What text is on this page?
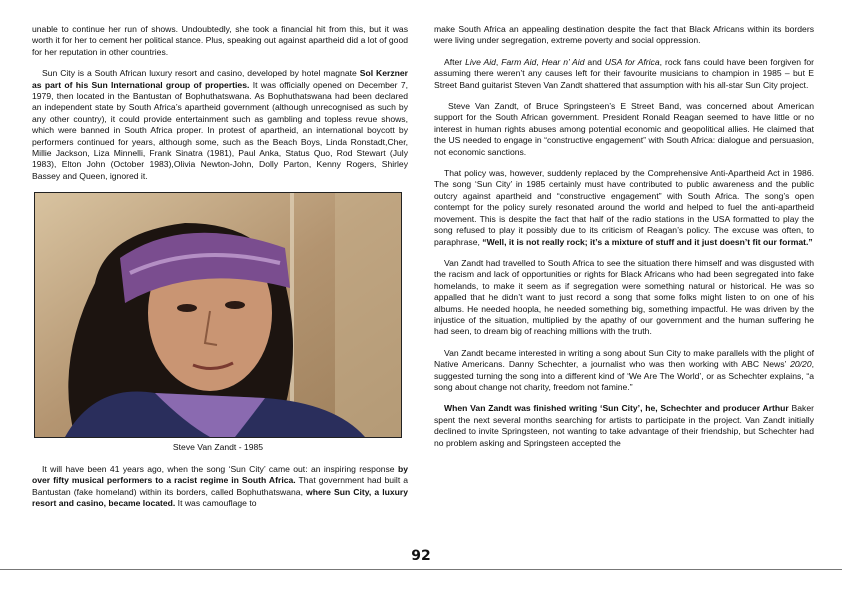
unable to continue her run of shows. Undoubtedly, she took a financial hit from this, but it was worth it for her to cement her political stance. Plus, speaking out against apartheid did a lot of good for her reputation in other countries.

Sun City is a South African luxury resort and casino, developed by hotel magnate Sol Kerzner as part of his Sun International group of properties. It was officially opened on December 7, 1979, then located in the Bantustan of Bophuthatswana. As Bophuthatswana had been declared an independent state by South Africa’s apartheid government (although unrecognised as such by any other country), it could provide entertainment such as gambling and topless revue shows, which were banned in South Africa proper. In protest of apartheid, an international boycott by performers continued for years, although some, such as the Beach Boys, Linda Ronstadt,Cher, Millie Jackson, Liza Minnelli, Frank Sinatra (1981), Paul Anka, Status Quo, Rod Stewart (July 1983), Elton John (October 1983),Olivia Newton-John, Dolly Parton, Kenny Rogers, Shirley Bassey and Queen, ignored it.

Steve Van Zandt - 1985

It will have been 41 years ago, when the song ‘Sun City’ came out: an inspiring response by over fifty musical performers to a racist regime in South Africa. That government had built a Bantustan (fake homeland) within its borders, called Bophuthatswana, where Sun City, a luxury resort and casino, became located. It was camouflage to

make South Africa an appealing destination despite the fact that Black Africans within its borders were living under segregation, extreme poverty and social oppression.

After Live Aid, Farm Aid, Hear n’ Aid and USA for Africa, rock fans could have been forgiven for assuming there weren’t any causes left for their favourite musicians to champion in 1985 – but E Street Band guitarist Steven Van Zandt shattered that assumption with his all-star Sun City project.

Steve Van Zandt, of Bruce Springsteen’s E Street Band, was concerned about American support for the South African government. President Ronald Reagan seemed to have little or no interest in human rights abuses among potential economic and geopolitical allies. He claimed that the US needed to engage in “constructive engagement” with South Africa: dialogue and persuasion, not economic sanctions.

That policy was, however, suddenly replaced by the Comprehensive Anti-Apartheid Act in 1986. The song ‘Sun City’ in 1985 certainly must have contributed to public awareness and the public outcry against apartheid and “constructive engagement” with South Africa. The song’s open contempt for the policy surely resonated around the world and helped to fuel the anti-apartheid movement. This is despite the fact that half of the radio stations in the USA formatted to play the song refused to play it possibly due to its criticism of Reagan’s policy. The excuse was often, to paraphrase, “Well, it is not really rock; it’s a mixture of stuff and it just doesn’t fit our format.”

Van Zandt had travelled to South Africa to see the situation there himself and was disgusted with the racism and lack of opportunities or rights for Black Africans who had been segregated into fake homelands, to make it seem as if segregation were something natural or historical. He was so appalled that he didn’t want to just record a song that some folks might listen to on one of his albums. He needed hoopla, he needed something big, something impactful. He was driven by the injustice of the situation, multiplied by the apathy of our government and the human suffering he had seen, to dream big of reaching millions with the truth.

Van Zandt became interested in writing a song about Sun City to make parallels with the plight of Native Americans. Danny Schechter, a journalist who was then working with ABC News’ 20/20, suggested turning the song into a different kind of ‘We Are The World’, or as Schechter explains, “a song about change not charity, freedom not famine.”

When Van Zandt was finished writing ‘Sun City’, he, Schechter and producer Arthur Baker spent the next several months searching for artists to participate in the project. Van Zandt initially declined to invite Springsteen, not wanting to take advantage of their friendship, but Schechter had no problem asking and Springsteen accepted the

92
